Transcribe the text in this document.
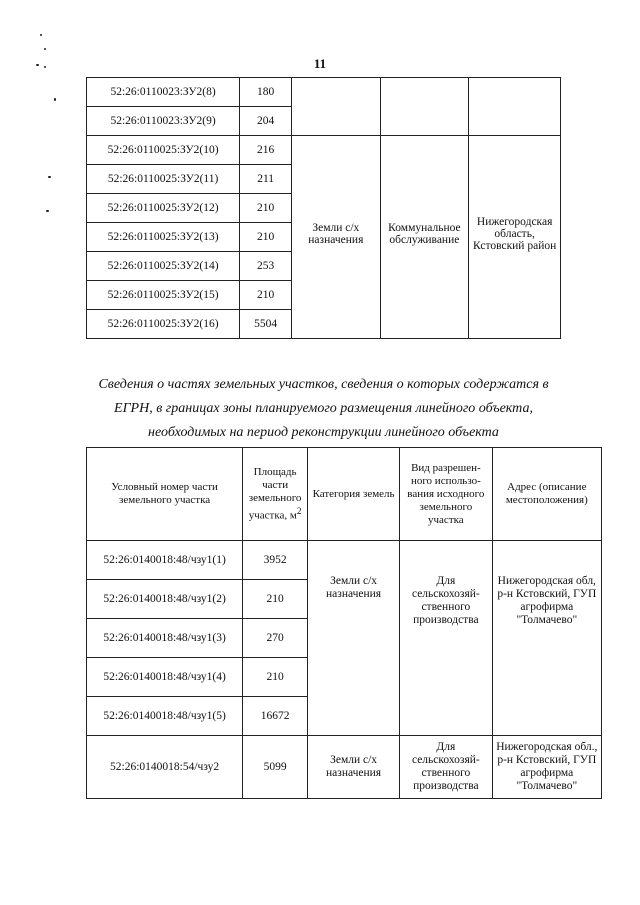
11
52:26:0110023:ЗУ2(8)	180			
52:26:0110023:ЗУ2(9)	204			
52:26:0110025:ЗУ2(10)	216	Земли с/х назначения	Коммунальное обслуживание	Нижегородская область, Кстовский район
52:26:0110025:ЗУ2(11)	211			
52:26:0110025:ЗУ2(12)	210			
52:26:0110025:ЗУ2(13)	210			
52:26:0110025:ЗУ2(14)	253			
52:26:0110025:ЗУ2(15)	210			
52:26:0110025:ЗУ2(16)	5504			
Сведения о частях земельных участков, сведения о которых содержатся в
ЕГРН, в границах зоны планируемого размещения линейного объекта,
необходимых на период реконструкции линейного объекта
Условный номер части земельного участка	Площадь части земельного участка, $м^2$	Категория земель	Вид разрешен-ного использо-вания исходного земельного участка	Адрес (описание местоположения)
52:26:0140018:48/чзу1(1)	3952	Земли с/х назначения	Для сельскохозяй-ственного производства	Нижегородская обл, р-н Кстовский, ГУП агрофирма "Толмачево"
52:26:0140018:48/чзу1(2)	210			
52:26:0140018:48/чзу1(3)	270			
52:26:0140018:48/чзу1(4)	210			
52:26:0140018:48/чзу1(5)	16672			
52:26:0140018:54/чзу2	5099	Земли с/х назначения	Для сельскохозяй-ственного производства	Нижегородская обл., р-н Кстовский, ГУП агрофирма "Толмачево"
